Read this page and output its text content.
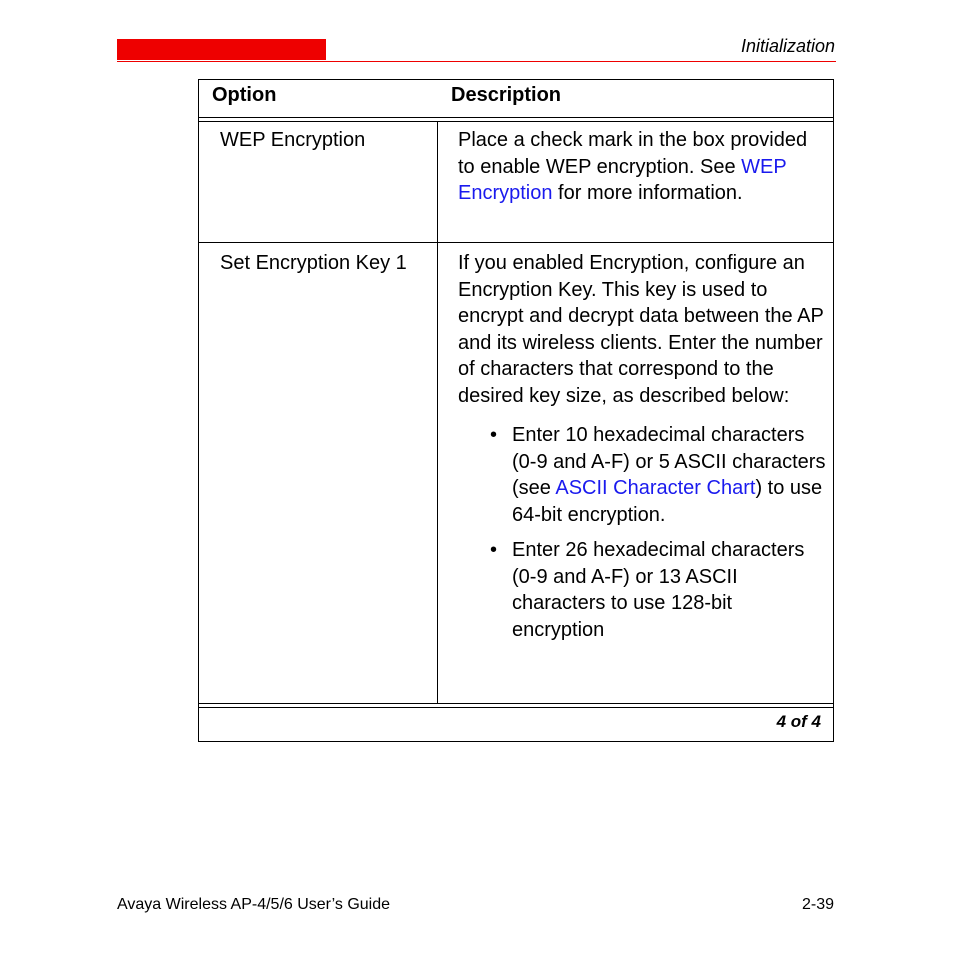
Initialization
Option	Description
WEP Encryption	Place a check mark in the box provided to enable WEP encryption. See WEP Encryption for more information.

Set Encryption Key 1	If you enabled Encryption, configure an Encryption Key. This key is used to encrypt and decrypt data between the AP and its wireless clients. Enter the number of characters that correspond to the desired key size, as described below:

• Enter 10 hexadecimal characters (0-9 and A-F) or 5 ASCII characters (see ASCII Character Chart) to use 64-bit encryption.

• Enter 26 hexadecimal characters (0-9 and A-F) or 13 ASCII characters to use 128-bit encryption

4 of 4
Avaya Wireless AP-4/5/6 User’s Guide	2-39
